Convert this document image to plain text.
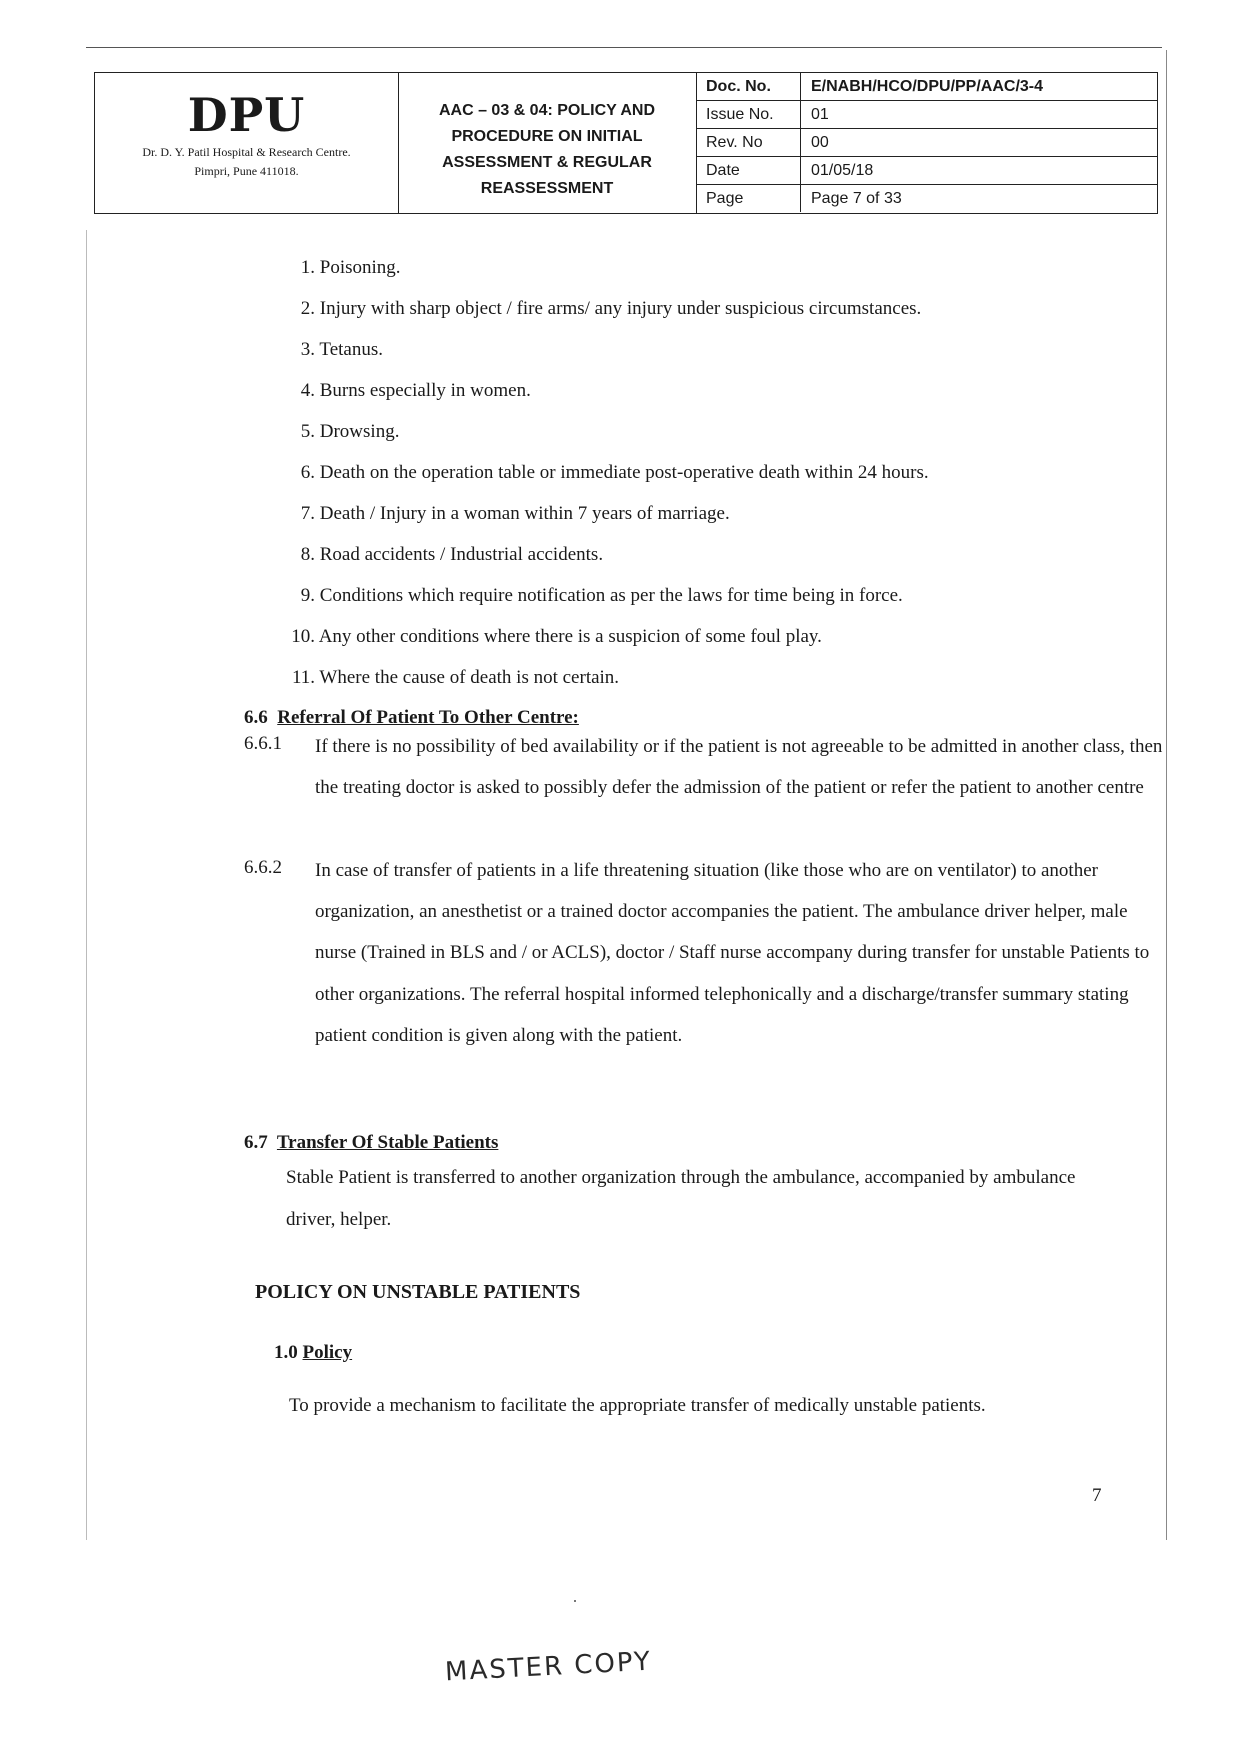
DPU
Dr. D. Y. Patil Hospital & Research Centre.
Pimpri, Pune 411018.
AAC – 03 & 04: POLICY AND
PROCEDURE ON INITIAL
ASSESSMENT & REGULAR
REASSESSMENT
Doc. No.	E/NABH/HCO/DPU/PP/AAC/3-4
Issue No.	01
Rev. No	00
Date	01/05/18
Page	Page 7 of 33
1. Poisoning.
2. Injury with sharp object / fire arms/ any injury under suspicious circumstances.
3. Tetanus.
4. Burns especially in women.
5. Drowsing.
6. Death on the operation table or immediate post-operative death within 24 hours.
7. Death / Injury in a woman within 7 years of marriage.
8. Road accidents / Industrial accidents.
9. Conditions which require notification as per the laws for time being in force.
10. Any other conditions where there is a suspicion of some foul play.
11. Where the cause of death is not certain.
6.6 Referral Of Patient To Other Centre:
6.6.1 If there is no possibility of bed availability or if the patient is not agreeable to be admitted in another class, then the treating doctor is asked to possibly defer the admission of the patient or refer the patient to another centre
6.6.2 In case of transfer of patients in a life threatening situation (like those who are on ventilator) to another organization, an anesthetist or a trained doctor accompanies the patient. The ambulance driver helper, male nurse (Trained in BLS and / or ACLS), doctor / Staff nurse accompany during transfer for unstable Patients to other organizations. The referral hospital informed telephonically and a discharge/transfer summary stating patient condition is given along with the patient.
6.7 Transfer Of Stable Patients
Stable Patient is transferred to another organization through the ambulance, accompanied by ambulance driver, helper.
POLICY ON UNSTABLE PATIENTS
1.0 Policy
To provide a mechanism to facilitate the appropriate transfer of medically unstable patients.
7
MASTER COPY
